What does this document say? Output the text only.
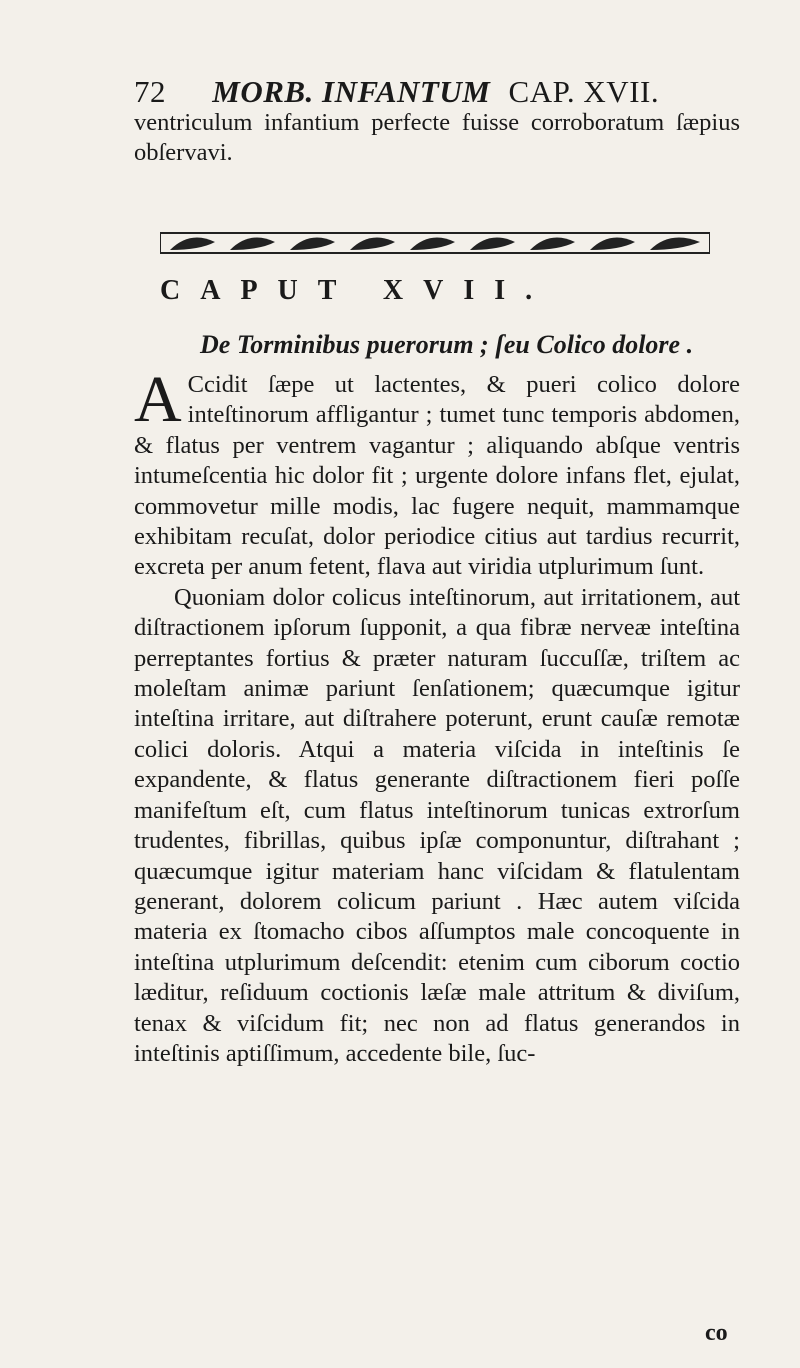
72 MORB. INFANTUM CAP. XVII.

ventriculum infantium perfecte fuisse corroboratum ſæpius obſervavi.

CAPUT XVII.
De Torminibus puerorum ; ſeu Colico dolore .

A Ccidit ſæpe ut lactentes, & pueri colico dolore inteſtinorum affligantur ; tumet tunc temporis abdomen, & flatus per ventrem vagantur ; aliquando abſque ventris intumeſcentia hic dolor fit ; urgente dolore infans flet, ejulat, commovetur mille modis, lac fugere nequit, mammamque exhibitam recuſat, dolor periodice citius aut tardius recurrit, excreta per anum fetent, flava aut viridia utplurimum ſunt.

Quoniam dolor colicus inteſtinorum, aut irritationem, aut diſtractionem ipſorum ſupponit, a qua fibræ nerveæ inteſtina perreptantes fortius & præter naturam ſuccuſſæ, triſtem ac moleſtam animæ pariunt ſenſationem; quæcumque igitur inteſtina irritare, aut diſtrahere poterunt, erunt cauſæ remotæ colici doloris. Atqui a materia viſcida in inteſtinis ſe expandente, & flatus generante diſtractionem fieri poſſe manifeſtum eſt, cum flatus inteſtinorum tunicas extrorſum trudentes, fibrillas, quibus ipſæ componuntur, diſtrahant ; quæcumque igitur materiam hanc viſcidam & flatulentam generant, dolorem colicum pariunt . Hæc autem viſcida materia ex ſtomacho cibos aſſumptos male concoquente in inteſtina utplurimum deſcendit: etenim cum ciborum coctio læditur, reſiduum coctionis læſæ male attritum & diviſum, tenax & viſcidum fit; nec non ad flatus generandos in inteſtinis aptiſſimum, accedente bile, ſuc-

co
